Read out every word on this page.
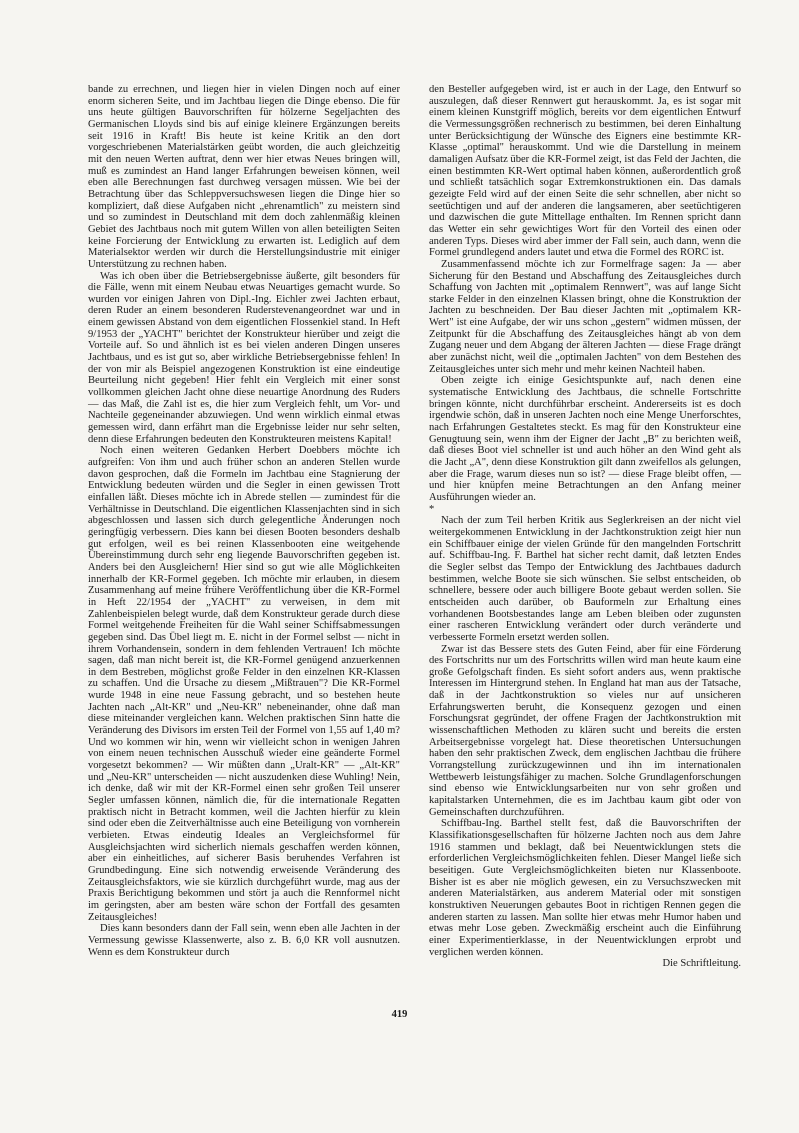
bande zu errechnen, und liegen hier in vielen Dingen noch auf einer enorm sicheren Seite, und im Jachtbau liegen die Dinge ebenso. Die für uns heute gültigen Bauvorschriften für hölzerne Segeljachten des Germanischen Lloyds sind bis auf einige kleinere Ergänzungen bereits seit 1916 in Kraft! Bis heute ist keine Kritik an den dort vorgeschriebenen Materialstärken geübt worden, die auch gleichzeitig mit den neuen Werten auftrat, denn wer hier etwas Neues bringen will, muß es zumindest an Hand langer Erfahrungen beweisen können, weil eben alle Berechnungen fast durchweg versagen müssen. Wie bei der Betrachtung über das Schleppversuchswesen liegen die Dinge hier so kompliziert, daß diese Aufgaben nicht „ehrenamtlich" zu meistern sind und so zumindest in Deutschland mit dem doch zahlenmäßig kleinen Gebiet des Jachtbaus noch mit gutem Willen von allen beteiligten Seiten keine Forcierung der Entwicklung zu erwarten ist. Lediglich auf dem Materialsektor werden wir durch die Herstellungsindustrie mit einiger Unterstützung zu rechnen haben.

Was ich oben über die Betriebsergebnisse äußerte, gilt besonders für die Fälle, wenn mit einem Neubau etwas Neuartiges gemacht wurde. So wurden vor einigen Jahren von Dipl.-Ing. Eichler zwei Jachten erbaut, deren Ruder an einem besonderen Ruderstevenangeordnet war und in einem gewissen Abstand von dem eigentlichen Flossenkiel stand. In Heft 9/1953 der „YACHT" berichtet der Konstrukteur hierüber und zeigt die Vorteile auf. So und ähnlich ist es bei vielen anderen Dingen unseres Jachtbaus, und es ist gut so, aber wirkliche Betriebsergebnisse fehlen! In der von mir als Beispiel angezogenen Konstruktion ist eine eindeutige Beurteilung nicht gegeben! Hier fehlt ein Vergleich mit einer sonst vollkommen gleichen Jacht ohne diese neuartige Anordnung des Ruders — das Maß, die Zahl ist es, die hier zum Vergleich fehlt, um Vor- und Nachteile gegeneinander abzuwiegen. Und wenn wirklich einmal etwas gemessen wird, dann erfährt man die Ergebnisse leider nur sehr selten, denn diese Erfahrungen bedeuten den Konstrukteuren meistens Kapital!

Noch einen weiteren Gedanken Herbert Doebbers möchte ich aufgreifen: Von ihm und auch früher schon an anderen Stellen wurde davon gesprochen, daß die Formeln im Jachtbau eine Stagnierung der Entwicklung bedeuten würden und die Segler in einen gewissen Trott einfallen läßt. Dieses möchte ich in Abrede stellen — zumindest für die Verhältnisse in Deutschland. Die eigentlichen Klassenjachten sind in sich abgeschlossen und lassen sich durch gelegentliche Änderungen noch geringfügig verbessern. Dies kann bei diesen Booten besonders deshalb gut erfolgen, weil es bei reinen Klassenbooten eine weitgehende Übereinstimmung durch sehr eng liegende Bauvorschriften gegeben ist. Anders bei den Ausgleichern! Hier sind so gut wie alle Möglichkeiten innerhalb der KR-Formel gegeben. Ich möchte mir erlauben, in diesem Zusammenhang auf meine frühere Veröffentlichung über die KR-Formel in Heft 22/1954 der „YACHT" zu verweisen, in dem mit Zahlenbeispielen belegt wurde, daß dem Konstrukteur gerade durch diese Formel weitgehende Freiheiten für die Wahl seiner Schiffsabmessungen gegeben sind. Das Übel liegt m. E. nicht in der Formel selbst — nicht in ihrem Vorhandensein, sondern in dem fehlenden Vertrauen! Ich möchte sagen, daß man nicht bereit ist, die KR-Formel genügend anzuerkennen in dem Bestreben, möglichst große Felder in den einzelnen KR-Klassen zu schaffen. Und die Ursache zu diesem „Mißtrauen"? Die KR-Formel wurde 1948 in eine neue Fassung gebracht, und so bestehen heute Jachten nach „Alt-KR" und „Neu-KR" nebeneinander, ohne daß man diese miteinander vergleichen kann. Welchen praktischen Sinn hatte die Veränderung des Divisors im ersten Teil der Formel von 1,55 auf 1,40 m? Und wo kommen wir hin, wenn wir vielleicht schon in wenigen Jahren von einem neuen technischen Ausschuß wieder eine geänderte Formel vorgesetzt bekommen? — Wir müßten dann „Uralt-KR" — „Alt-KR" und „Neu-KR" unterscheiden — nicht auszudenken diese Wuhling! Nein, ich denke, daß wir mit der KR-Formel einen sehr großen Teil unserer Segler umfassen können, nämlich die, für die internationale Regatten praktisch nicht in Betracht kommen, weil die Jachten hierfür zu klein sind oder eben die Zeitverhältnisse auch eine Beteiligung von vornherein verbieten. Etwas eindeutig Ideales an Vergleichsformel für Ausgleichsjachten wird sicherlich niemals geschaffen werden können, aber ein einheitliches, auf sicherer Basis beruhendes Verfahren ist Grundbedingung. Eine sich notwendig erweisende Veränderung des Zeitausgleichsfaktors, wie sie kürzlich durchgeführt wurde, mag aus der Praxis Berichtigung bekommen und stört ja auch die Rennformel nicht im geringsten, aber am besten wäre schon der Fortfall des gesamten Zeitausgleiches!

Dies kann besonders dann der Fall sein, wenn eben alle Jachten in der Vermessung gewisse Klassenwerte, also z. B. 6,0 KR voll ausnutzen. Wenn es dem Konstrukteur durch

den Besteller aufgegeben wird, ist er auch in der Lage, den Entwurf so auszulegen, daß dieser Rennwert gut herauskommt. Ja, es ist sogar mit einem kleinen Kunstgriff möglich, bereits vor dem eigentlichen Entwurf die Vermessungsgrößen rechnerisch zu bestimmen, bei deren Einhaltung unter Berücksichtigung der Wünsche des Eigners eine bestimmte KR-Klasse „optimal" herauskommt. Und wie die Darstellung in meinem damaligen Aufsatz über die KR-Formel zeigt, ist das Feld der Jachten, die einen bestimmten KR-Wert optimal haben können, außerordentlich groß und schließt tatsächlich sogar Extremkonstruktionen ein. Das damals gezeigte Feld wird auf der einen Seite die sehr schnellen, aber nicht so seetüchtigen und auf der anderen die langsameren, aber seetüchtigeren und dazwischen die gute Mittellage enthalten. Im Rennen spricht dann das Wetter ein sehr gewichtiges Wort für den Vorteil des einen oder anderen Typs. Dieses wird aber immer der Fall sein, auch dann, wenn die Formel grundlegend anders lautet und etwa die Formel des RORC ist.

Zusammenfassend möchte ich zur Formelfrage sagen: Ja — aber Sicherung für den Bestand und Abschaffung des Zeitausgleiches durch Schaffung von Jachten mit „optimalem Rennwert", was auf lange Sicht starke Felder in den einzelnen Klassen bringt, ohne die Konstruktion der Jachten zu beschneiden. Der Bau dieser Jachten mit „optimalem KR-Wert" ist eine Aufgabe, der wir uns schon „gestern" widmen müssen, der Zeitpunkt für die Abschaffung des Zeitausgleiches hängt ab von dem Zugang neuer und dem Abgang der älteren Jachten — diese Frage drängt aber zunächst nicht, weil die „optimalen Jachten" von dem Bestehen des Zeitausgleiches unter sich mehr und mehr keinen Nachteil haben.

Oben zeigte ich einige Gesichtspunkte auf, nach denen eine systematische Entwicklung des Jachtbaus, die schnelle Fortschritte bringen könnte, nicht durchführbar erscheint. Andererseits ist es doch irgendwie schön, daß in unseren Jachten noch eine Menge Unerforschtes, nach Erfahrungen Gestaltetes steckt. Es mag für den Konstrukteur eine Genugtuung sein, wenn ihm der Eigner der Jacht „B" zu berichten weiß, daß dieses Boot viel schneller ist und auch höher an den Wind geht als die Jacht „A", denn diese Konstruktion gilt dann zweifellos als gelungen, aber die Frage, warum dieses nun so ist? — diese Frage bleibt offen, — und hier knüpfen meine Betrachtungen an den Anfang meiner Ausführungen wieder an.

*

Nach der zum Teil herben Kritik aus Seglerkreisen an der nicht viel weitergekommenen Entwicklung in der Jachtkonstruktion zeigt hier nun ein Schiffbauer einige der vielen Gründe für den mangelnden Fortschritt auf. Schiffbau-Ing. F. Barthel hat sicher recht damit, daß letzten Endes die Segler selbst das Tempo der Entwicklung des Jachtbaues dadurch bestimmen, welche Boote sie sich wünschen. Sie selbst entscheiden, ob schnellere, bessere oder auch billigere Boote gebaut werden sollen. Sie entscheiden auch darüber, ob Bauformeln zur Erhaltung eines vorhandenen Bootsbestandes lange am Leben bleiben oder zugunsten einer rascheren Entwicklung verändert oder durch veränderte und verbesserte Formeln ersetzt werden sollen.

Zwar ist das Bessere stets des Guten Feind, aber für eine Förderung des Fortschritts nur um des Fortschritts willen wird man heute kaum eine große Gefolgschaft finden. Es sieht sofort anders aus, wenn praktische Interessen im Hintergrund stehen. In England hat man aus der Tatsache, daß in der Jachtkonstruktion so vieles nur auf unsicheren Erfahrungswerten beruht, die Konsequenz gezogen und einen Forschungsrat gegründet, der offene Fragen der Jachtkonstruktion mit wissenschaftlichen Methoden zu klären sucht und bereits die ersten Arbeitsergebnisse vorgelegt hat. Diese theoretischen Untersuchungen haben den sehr praktischen Zweck, dem englischen Jachtbau die frühere Vorrangstellung zurückzugewinnen und ihn im internationalen Wettbewerb leistungsfähiger zu machen. Solche Grundlagenforschungen sind ebenso wie Entwicklungsarbeiten nur von sehr großen und kapitalstarken Unternehmen, die es im Jachtbau kaum gibt oder von Gemeinschaften durchzuführen.

Schiffbau-Ing. Barthel stellt fest, daß die Bauvorschriften der Klassifikationsgesellschaften für hölzerne Jachten noch aus dem Jahre 1916 stammen und beklagt, daß bei Neuentwicklungen stets die erforderlichen Vergleichsmöglichkeiten fehlen. Dieser Mangel ließe sich beseitigen. Gute Vergleichsmöglichkeiten bieten nur Klassenboote. Bisher ist es aber nie möglich gewesen, ein zu Versuchszwecken mit anderen Materialstärken, aus anderem Material oder mit sonstigen konstruktiven Neuerungen gebautes Boot in richtigen Rennen gegen die anderen starten zu lassen. Man sollte hier etwas mehr Humor haben und etwas mehr Lose geben. Zweckmäßig erscheint auch die Einführung einer Experimentierklasse, in der Neuentwicklungen erprobt und verglichen werden können.
Die Schriftleitung.

419
